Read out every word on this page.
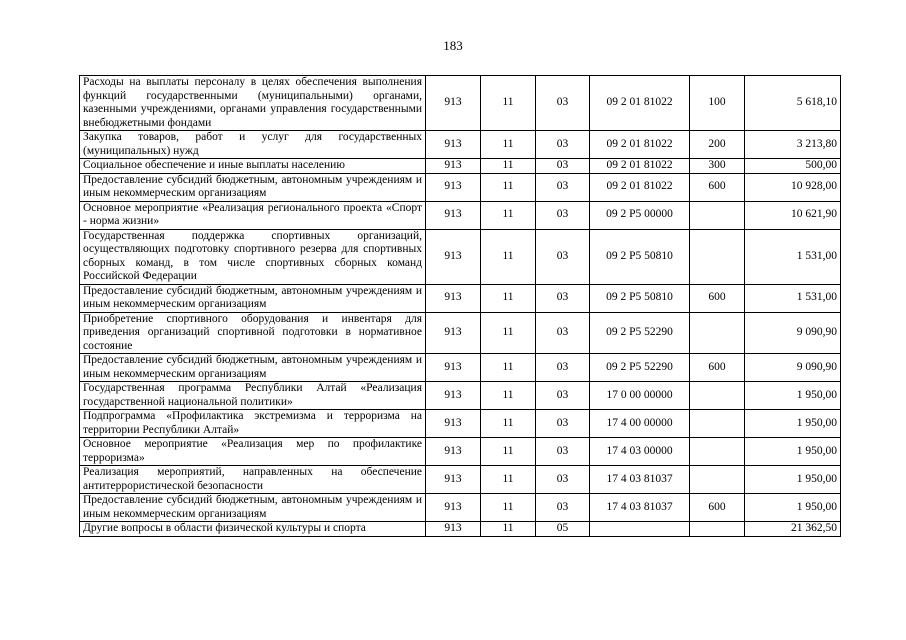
183
Расходы на выплаты персоналу в целях обеспечения выполнения функций государственными (муниципальными) органами, казенными учреждениями, органами управления государственными внебюджетными фондами	913	11	03	09 2 01 81022	100	5 618,10
Закупка товаров, работ и услуг для государственных (муниципальных) нужд	913	11	03	09 2 01 81022	200	3 213,80
Социальное обеспечение и иные выплаты населению	913	11	03	09 2 01 81022	300	500,00
Предоставление субсидий бюджетным, автономным учреждениям и иным некоммерческим организациям	913	11	03	09 2 01 81022	600	10 928,00
Основное мероприятие «Реализация регионального проекта «Спорт - норма жизни»	913	11	03	09 2 P5 00000		10 621,90
Государственная поддержка спортивных организаций, осуществляющих подготовку спортивного резерва для спортивных сборных команд, в том числе спортивных сборных команд Российской Федерации	913	11	03	09 2 P5 50810		1 531,00
Предоставление субсидий бюджетным, автономным учреждениям и иным некоммерческим организациям	913	11	03	09 2 P5 50810	600	1 531,00
Приобретение спортивного оборудования и инвентаря для приведения организаций спортивной подготовки в нормативное состояние	913	11	03	09 2 P5 52290		9 090,90
Предоставление субсидий бюджетным, автономным учреждениям и иным некоммерческим организациям	913	11	03	09 2 P5 52290	600	9 090,90
Государственная программа Республики Алтай «Реализация государственной национальной политики»	913	11	03	17 0 00 00000		1 950,00
Подпрограмма «Профилактика экстремизма и терроризма на территории Республики Алтай»	913	11	03	17 4 00 00000		1 950,00
Основное мероприятие «Реализация мер по профилактике терроризма»	913	11	03	17 4 03 00000		1 950,00
Реализация мероприятий, направленных на обеспечение антитеррористической безопасности	913	11	03	17 4 03 81037		1 950,00
Предоставление субсидий бюджетным, автономным учреждениям и иным некоммерческим организациям	913	11	03	17 4 03 81037	600	1 950,00
Другие вопросы в области физической культуры и спорта	913	11	05			21 362,50
